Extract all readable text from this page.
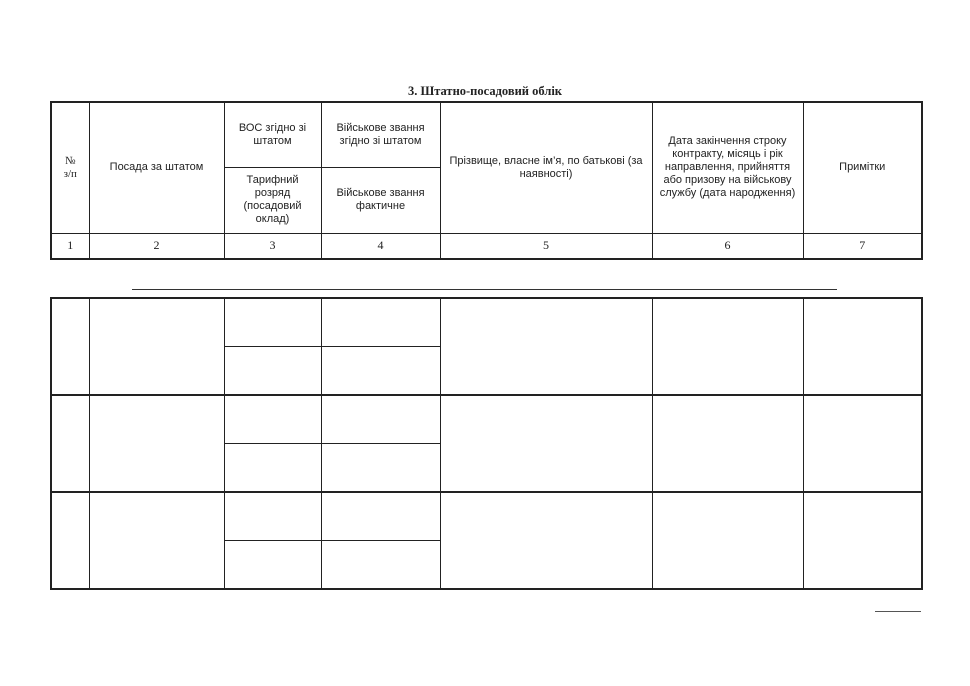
3. Штатно-посадовий облік
№
з/п	Посада за штатом	ВОС згідно зі штатом	Військове звання згідно зі штатом	Прізвище, власне ім’я, по батькові (за наявності)	Дата закінчення строку контракту, місяць і рік направлення, прийняття або призову на військову службу (дата народження)	Примітки
		Тарифний розряд (посадовий оклад)	Військове звання фактичне			
1	2	3	4	5	6	7
